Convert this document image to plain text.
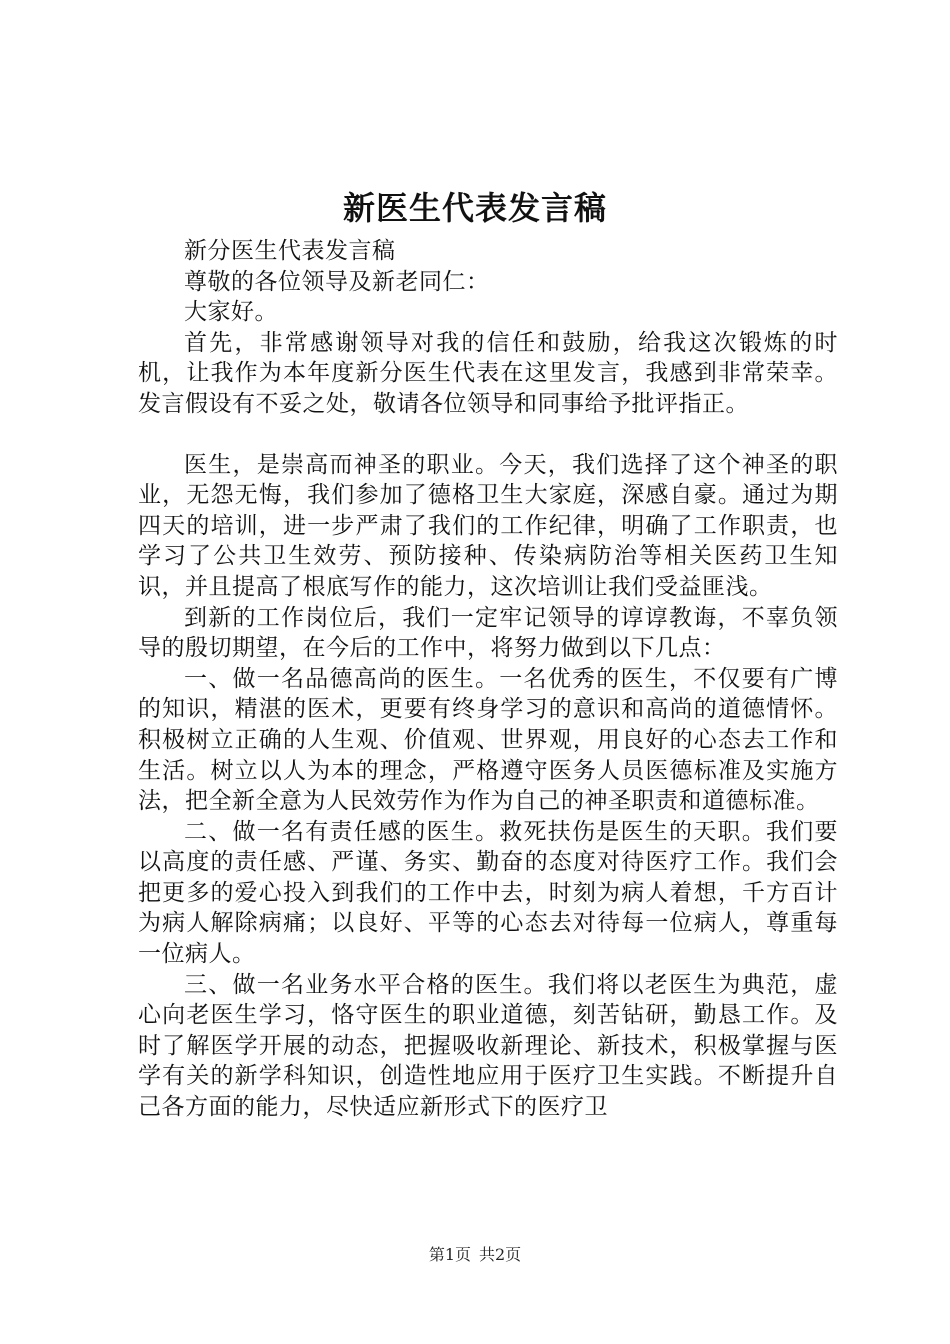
新医生代表发言稿

新分医生代表发言稿

尊敬的各位领导及新老同仁：

大家好。

首先，非常感谢领导对我的信任和鼓励，给我这次锻炼的时机，让我作为本年度新分医生代表在这里发言，我感到非常荣幸。发言假设有不妥之处，敬请各位领导和同事给予批评指正。

医生，是崇高而神圣的职业。今天，我们选择了这个神圣的职业，无怨无悔，我们参加了德格卫生大家庭，深感自豪。通过为期四天的培训，进一步严肃了我们的工作纪律，明确了工作职责，也学习了公共卫生效劳、预防接种、传染病防治等相关医药卫生知识，并且提高了根底写作的能力，这次培训让我们受益匪浅。

到新的工作岗位后，我们一定牢记领导的谆谆教诲，不辜负领导的殷切期望，在今后的工作中，将努力做到以下几点：

一、做一名品德高尚的医生。一名优秀的医生，不仅要有广博的知识，精湛的医术，更要有终身学习的意识和高尚的道德情怀。积极树立正确的人生观、价值观、世界观，用良好的心态去工作和生活。树立以人为本的理念，严格遵守医务人员医德标准及实施方法，把全新全意为人民效劳作为作为自己的神圣职责和道德标准。

二、做一名有责任感的医生。救死扶伤是医生的天职。我们要以高度的责任感、严谨、务实、勤奋的态度对待医疗工作。我们会把更多的爱心投入到我们的工作中去，时刻为病人着想，千方百计为病人解除病痛；以良好、平等的心态去对待每一位病人，尊重每一位病人。

三、做一名业务水平合格的医生。我们将以老医生为典范，虚心向老医生学习，恪守医生的职业道德，刻苦钻研，勤恳工作。及时了解医学开展的动态，把握吸收新理论、新技术，积极掌握与医学有关的新学科知识，创造性地应用于医疗卫生实践。不断提升自己各方面的能力，尽快适应新形式下的医疗卫

第1页 共2页
